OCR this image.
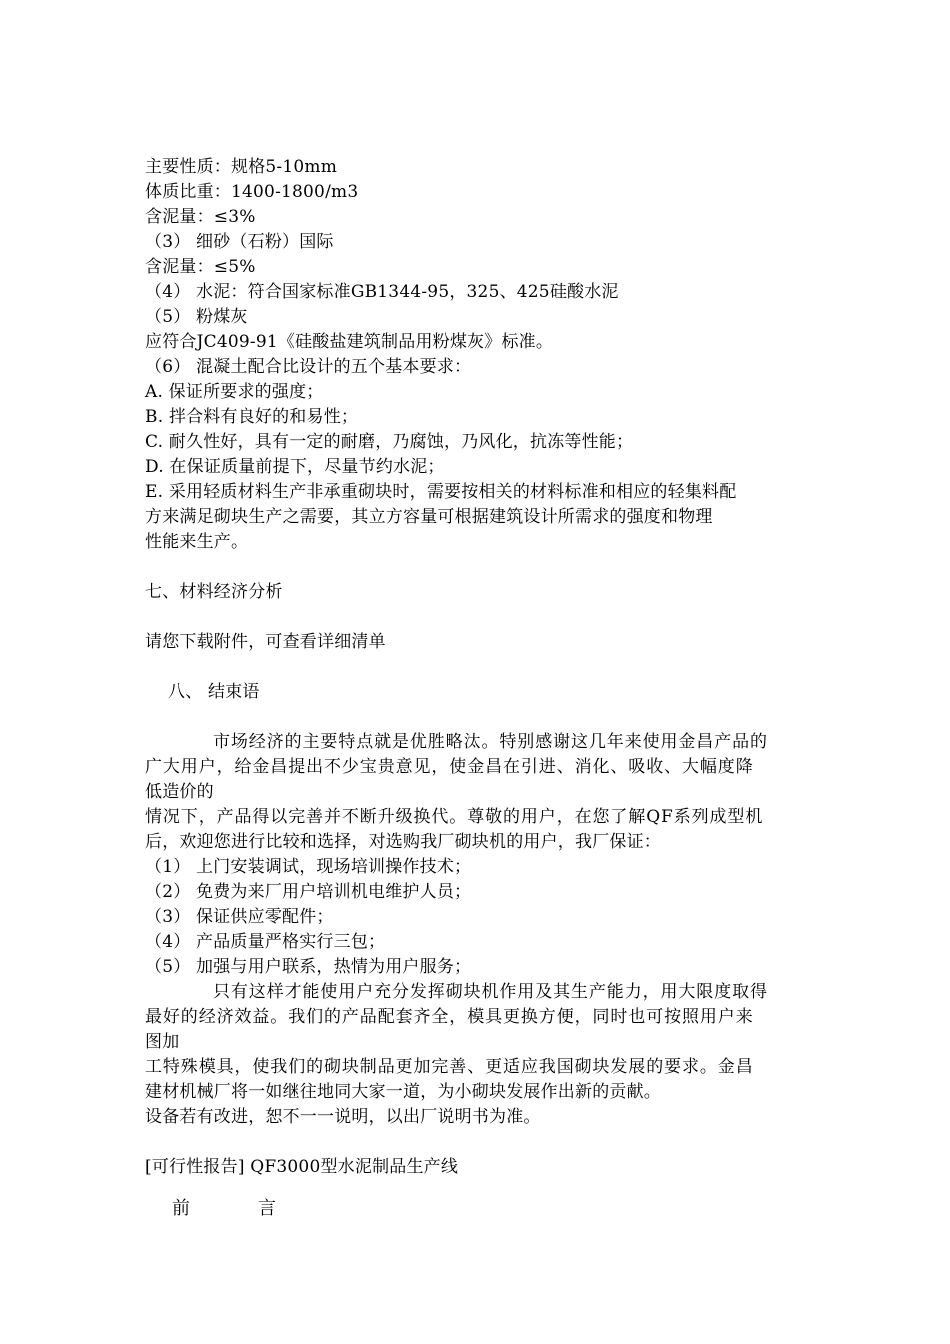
主要性质：规格5-10mm
体质比重：1400-1800/m3
含泥量：≤3%
（3） 细砂（石粉）国际
含泥量：≤5%
（4） 水泥：符合国家标准GB1344-95，325、425硅酸水泥
（5） 粉煤灰
应符合JC409-91《硅酸盐建筑制品用粉煤灰》标准。
（6） 混凝土配合比设计的五个基本要求：
A. 保证所要求的强度；
B. 拌合料有良好的和易性；
C. 耐久性好，具有一定的耐磨，乃腐蚀，乃风化，抗冻等性能；
D. 在保证质量前提下，尽量节约水泥；
E. 采用轻质材料生产非承重砌块时，需要按相关的材料标准和相应的轻集料配
方来满足砌块生产之需要，其立方容量可根据建筑设计所需求的强度和物理
性能来生产。
七、材料经济分析
请您下载附件，可查看详细清单
八、 结束语
市场经济的主要特点就是优胜略汰。特别感谢这几年来使用金昌产品的
广大用户，给金昌提出不少宝贵意见，使金昌在引进、消化、吸收、大幅度降
低造价的
情况下，产品得以完善并不断升级换代。尊敬的用户，在您了解QF系列成型机
后，欢迎您进行比较和选择，对选购我厂砌块机的用户，我厂保证：
（1） 上门安装调试，现场培训操作技术；
（2） 免费为来厂用户培训机电维护人员；
（3） 保证供应零配件；
（4） 产品质量严格实行三包；
（5） 加强与用户联系，热情为用户服务；
只有这样才能使用户充分发挥砌块机作用及其生产能力，用大限度取得
最好的经济效益。我们的产品配套齐全，模具更换方便，同时也可按照用户来
图加
工特殊模具，使我们的砌块制品更加完善、更适应我国砌块发展的要求。金昌
建材机械厂将一如继往地同大家一道，为小砌块发展作出新的贡献。
设备若有改进，恕不一一说明，以出厂说明书为准。
[可行性报告] QF3000型水泥制品生产线
前	言
